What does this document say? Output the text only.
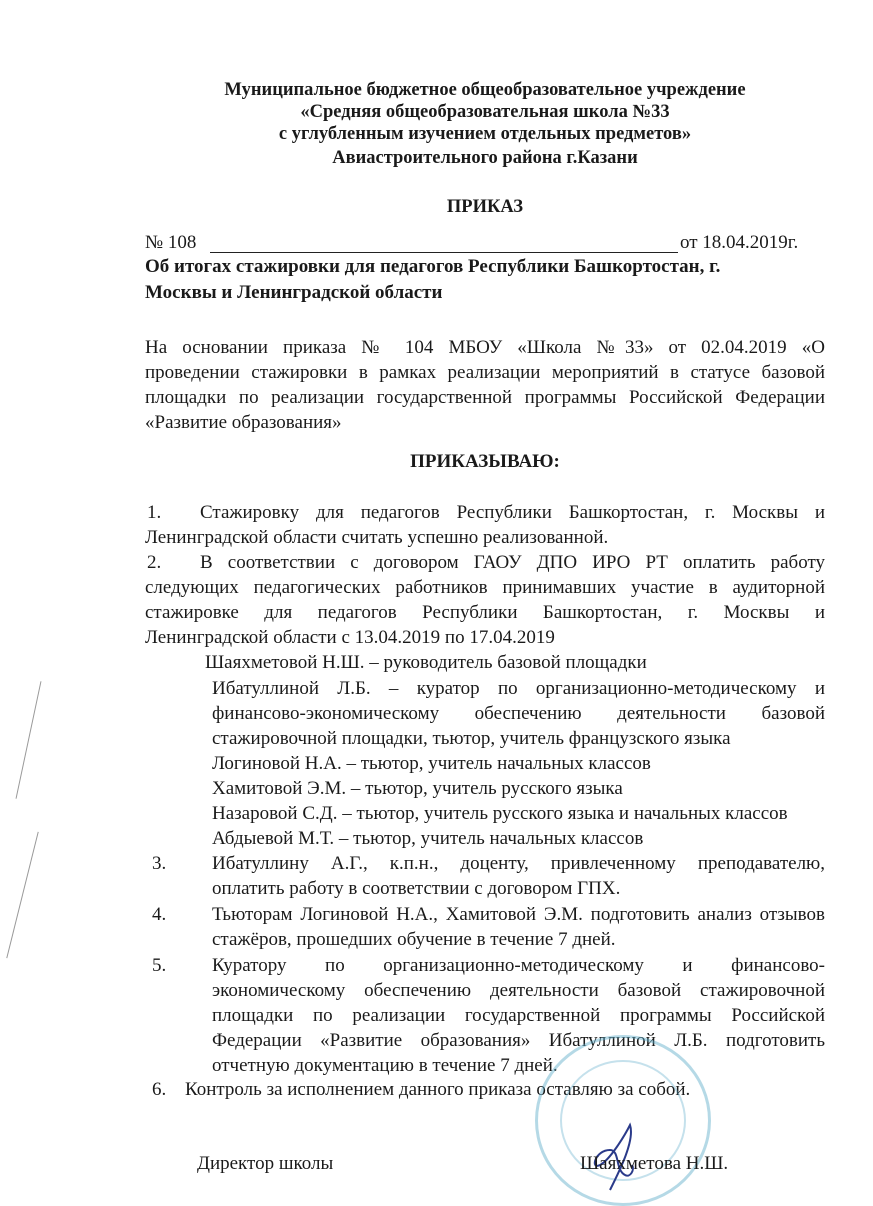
Муниципальное бюджетное общеобразовательное учреждение
«Средняя общеобразовательная школа №33
с углубленным изучением отдельных предметов»
Авиастроительного района г.Казани
ПРИКАЗ
№ 108	от 18.04.2019г.
Об итогах стажировки для педагогов Республики Башкортостан, г.
Москвы и Ленинградской области
На основании приказа № 104 МБОУ «Школа №33» от 02.04.2019 «О
проведении стажировки в рамках реализации мероприятий в статусе базовой
площадки по реализации государственной программы Российской Федерации
«Развитие образования»
ПРИКАЗЫВАЮ:
1. Стажировку для педагогов Республики Башкортостан, г. Москвы и
Ленинградской области считать успешно реализованной.
2. В соответствии с договором ГАОУ ДПО ИРО РТ оплатить работу
следующих педагогических работников принимавших участие в аудиторной
стажировке для педагогов Республики Башкортостан, г. Москвы и
Ленинградской области с 13.04.2019 по 17.04.2019
Шаяхметовой Н.Ш. – руководитель базовой площадки
Ибатуллиной Л.Б. – куратор по организационно-методическому и
финансово-экономическому обеспечению деятельности базовой
стажировочной площадки, тьютор, учитель французского языка
Логиновой Н.А. – тьютор, учитель начальных классов
Хамитовой Э.М. – тьютор, учитель русского языка
Назаровой С.Д. – тьютор, учитель русского языка и начальных классов
Абдыевой М.Т. – тьютор, учитель начальных классов
3. Ибатуллину А.Г., к.п.н., доценту, привлеченному преподавателю,
оплатить работу в соответствии с договором ГПХ.
4. Тьюторам Логиновой Н.А., Хамитовой Э.М. подготовить анализ отзывов
стажёров, прошедших обучение в течение 7 дней.
5. Куратору по организационно-методическому и финансово-
экономическому обеспечению деятельности базовой стажировочной
площадки по реализации государственной программы Российской
Федерации «Развитие образования» Ибатуллиной Л.Б. подготовить
отчетную документацию в течение 7 дней.
6. Контроль за исполнением данного приказа оставляю за собой.
Директор школы	Шаяхметова Н.Ш.
